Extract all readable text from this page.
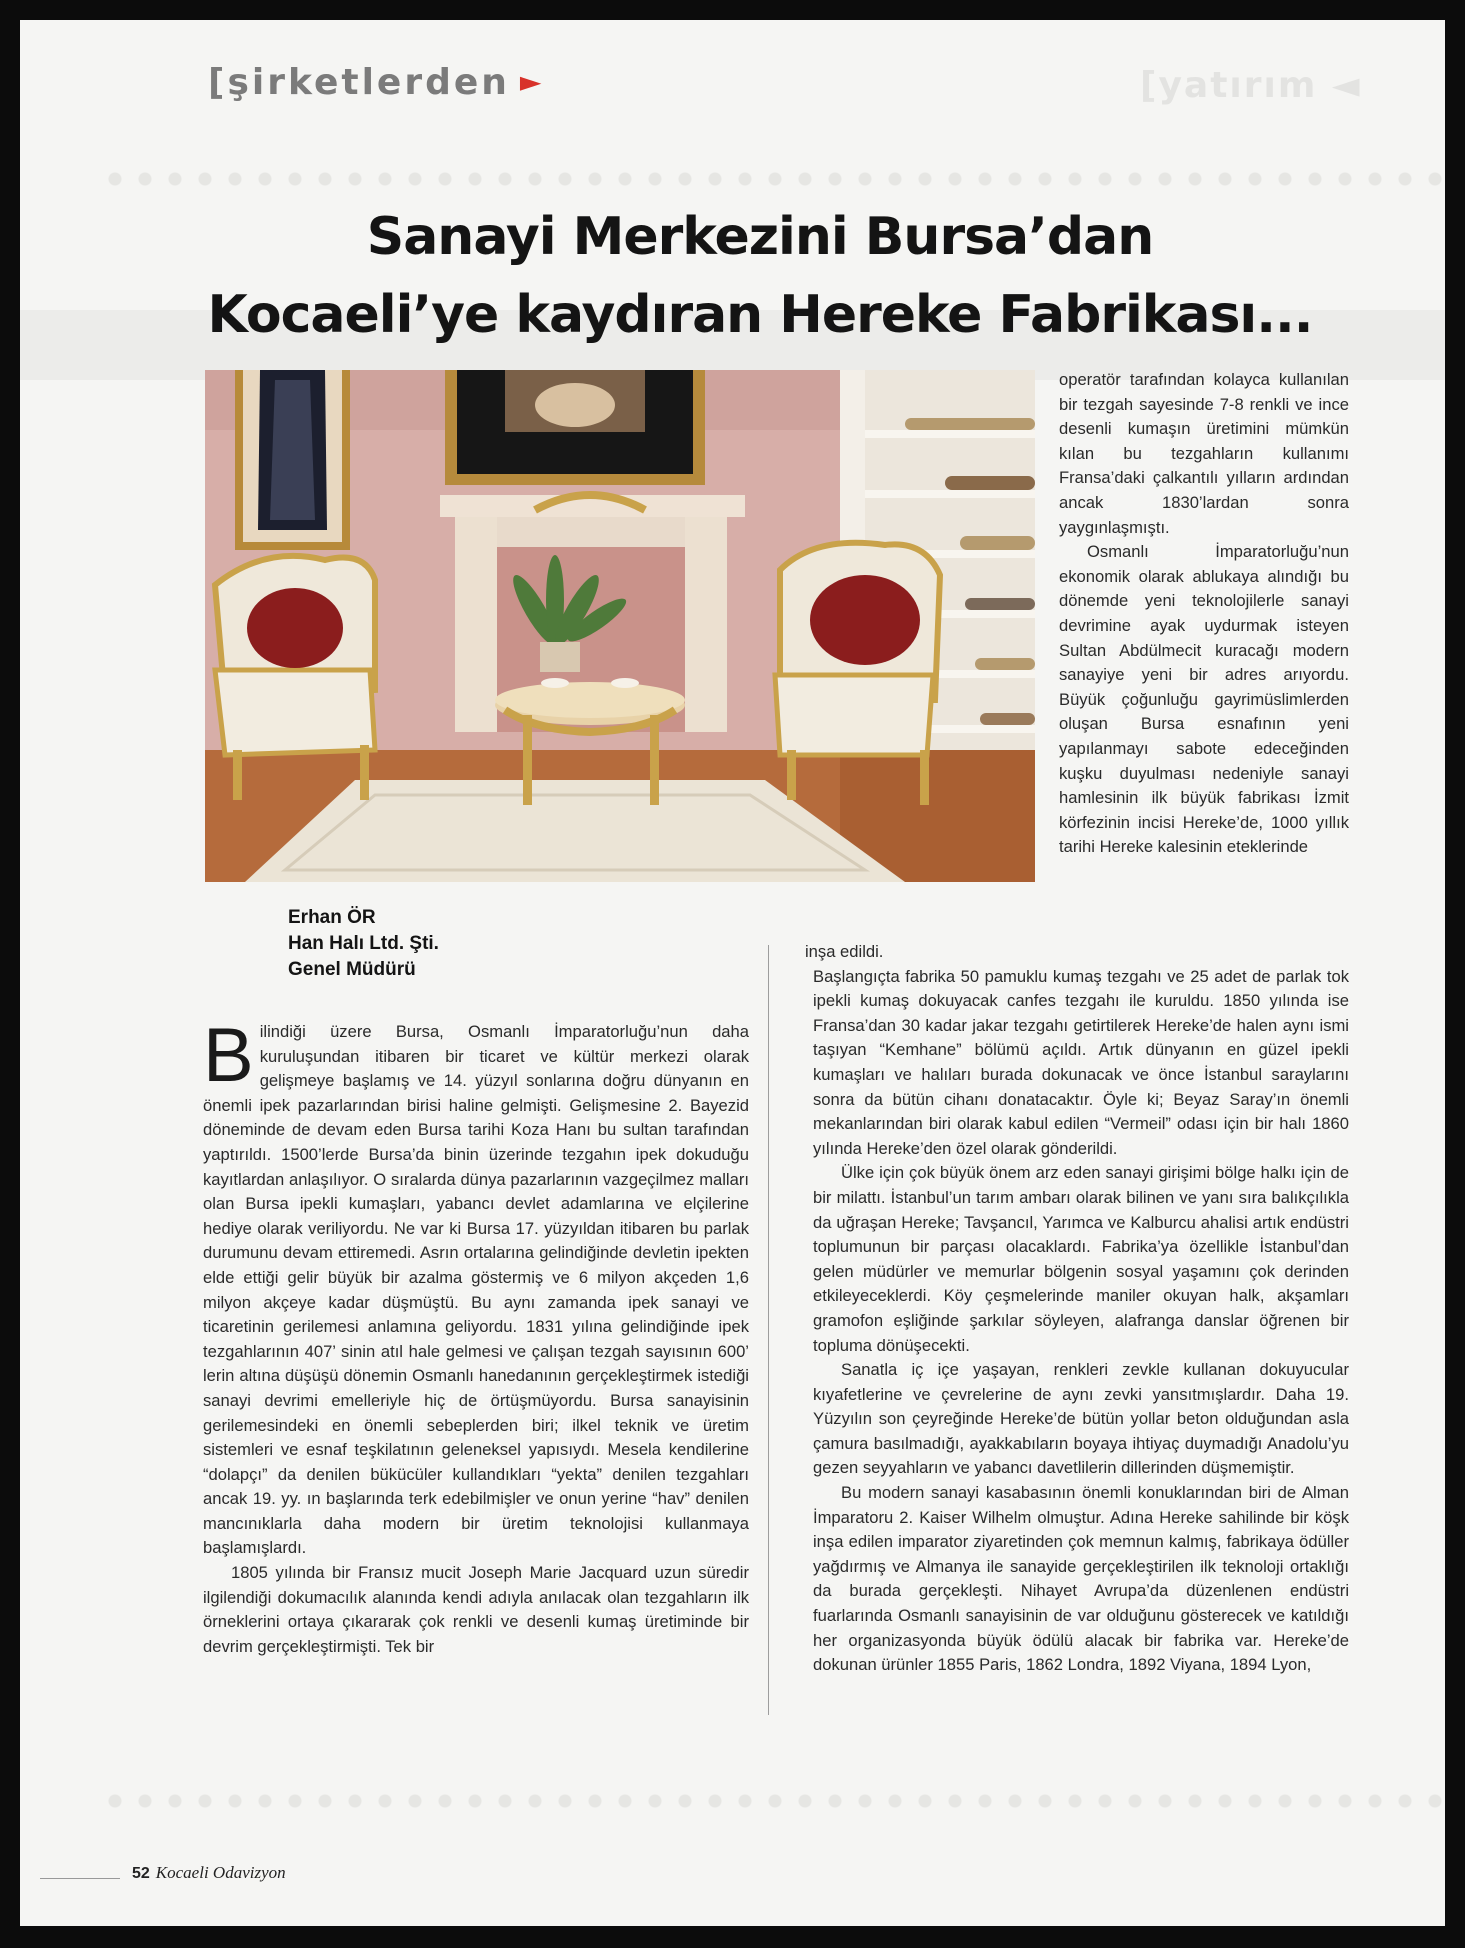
[yatırım ◄
[şirketlerden ►
Sanayi Merkezini Bursa’dan
Kocaeli’ye kaydıran Hereke Fabrikası...

operatör tarafından kolayca kullanılan bir tezgah sayesinde 7-8 renkli ve ince desenli kumaşın üretimini mümkün kılan bu tezgahların kullanımı Fransa’daki çalkantılı yılların ardından ancak 1830’lardan sonra yaygınlaşmıştı.

Osmanlı İmparatorluğu’nun ekonomik olarak ablukaya alındığı bu dönemde yeni teknolojilerle sanayi devrimine ayak uydurmak isteyen Sultan Abdülmecit kuracağı modern sanayiye yeni bir adres arıyordu. Büyük çoğunluğu gayrimüslimlerden oluşan Bursa esnafının yeni yapılanmayı sabote edeceğinden kuşku duyulması nedeniyle sanayi hamlesinin ilk büyük fabrikası İzmit körfezinin incisi Hereke’de, 1000 yıllık tarihi Hereke kalesinin eteklerinde

Erhan ÖR
Han Halı Ltd. Şti.
Genel Müdürü

Bilindiği üzere Bursa, Osmanlı İmparatorluğu’nun daha kuruluşundan itibaren bir ticaret ve kültür merkezi olarak gelişmeye başlamış ve 14. yüzyıl sonlarına doğru dünyanın en önemli ipek pazarlarından birisi haline gelmişti. Gelişmesine 2. Bayezid döneminde de devam eden Bursa tarihi Koza Hanı bu sultan tarafından yaptırıldı. 1500’lerde Bursa’da binin üzerinde tezgahın ipek dokuduğu kayıtlardan anlaşılıyor. O sıralarda dünya pazarlarının vazgeçilmez malları olan Bursa ipekli kumaşları, yabancı devlet adamlarına ve elçilerine hediye olarak veriliyordu. Ne var ki Bursa 17. yüzyıldan itibaren bu parlak durumunu devam ettiremedi. Asrın ortalarına gelindiğinde devletin ipekten elde ettiği gelir büyük bir azalma göstermiş ve 6 milyon akçeden 1,6 milyon akçeye kadar düşmüştü. Bu aynı zamanda ipek sanayi ve ticaretinin gerilemesi anlamına geliyordu. 1831 yılına gelindiğinde ipek tezgahlarının 407’ sinin atıl hale gelmesi ve çalışan tezgah sayısının 600’ lerin altına düşüşü dönemin Osmanlı hanedanının gerçekleştirmek istediği sanayi devrimi emelleriyle hiç de örtüşmüyordu. Bursa sanayisinin gerilemesindeki en önemli sebeplerden biri; ilkel teknik ve üretim sistemleri ve esnaf teşkilatının geleneksel yapısıydı. Mesela kendilerine “dolapçı” da denilen bükücüler kullandıkları “yekta” denilen tezgahları ancak 19. yy. ın başlarında terk edebilmişler ve onun yerine “hav” denilen mancınıklarla daha modern bir üretim teknolojisi kullanmaya başlamışlardı.

1805 yılında bir Fransız mucit Joseph Marie Jacquard uzun süredir ilgilendiği dokumacılık alanında kendi adıyla anılacak olan tezgahların ilk örneklerini ortaya çıkararak çok renkli ve desenli kumaş üretiminde bir devrim gerçekleştirmişti. Tek bir

inşa edildi.

Başlangıçta fabrika 50 pamuklu kumaş tezgahı ve 25 adet de parlak tok ipekli kumaş dokuyacak canfes tezgahı ile kuruldu. 1850 yılında ise Fransa’dan 30 kadar jakar tezgahı getirtilerek Hereke’de halen aynı ismi taşıyan “Kemhane” bölümü açıldı. Artık dünyanın en güzel ipekli kumaşları ve halıları burada dokunacak ve önce İstanbul saraylarını sonra da bütün cihanı donatacaktır. Öyle ki; Beyaz Saray’ın önemli mekanlarından biri olarak kabul edilen “Vermeil” odası için bir halı 1860 yılında Hereke’den özel olarak gönderildi.

Ülke için çok büyük önem arz eden sanayi girişimi bölge halkı için de bir milattı. İstanbul’un tarım ambarı olarak bilinen ve yanı sıra balıkçılıkla da uğraşan Hereke; Tavşancıl, Yarımca ve Kalburcu ahalisi artık endüstri toplumunun bir parçası olacaklardı. Fabrika’ya özellikle İstanbul’dan gelen müdürler ve memurlar bölgenin sosyal yaşamını çok derinden etkileyeceklerdi. Köy çeşmelerinde maniler okuyan halk, akşamları gramofon eşliğinde şarkılar söyleyen, alafranga danslar öğrenen bir topluma dönüşecekti.

Sanatla iç içe yaşayan, renkleri zevkle kullanan dokuyucular kıyafetlerine ve çevrelerine de aynı zevki yansıtmışlardır. Daha 19. Yüzyılın son çeyreğinde Hereke’de bütün yollar beton olduğundan asla çamura basılmadığı, ayakkabıların boyaya ihtiyaç duymadığı Anadolu’yu gezen seyyahların ve yabancı davetlilerin dillerinden düşmemiştir.

Bu modern sanayi kasabasının önemli konuklarından biri de Alman İmparatoru 2. Kaiser Wilhelm olmuştur. Adına Hereke sahilinde bir köşk inşa edilen imparator ziyaretinden çok memnun kalmış, fabrikaya ödüller yağdırmış ve Almanya ile sanayide gerçekleştirilen ilk teknoloji ortaklığı da burada gerçekleşti. Nihayet Avrupa’da düzenlenen endüstri fuarlarında Osmanlı sanayisinin de var olduğunu gösterecek ve katıldığı her organizasyonda büyük ödülü alacak bir fabrika var. Hereke’de dokunan ürünler 1855 Paris, 1862 Londra, 1892 Viyana, 1894 Lyon,

52 Kocaeli Odavizyon
